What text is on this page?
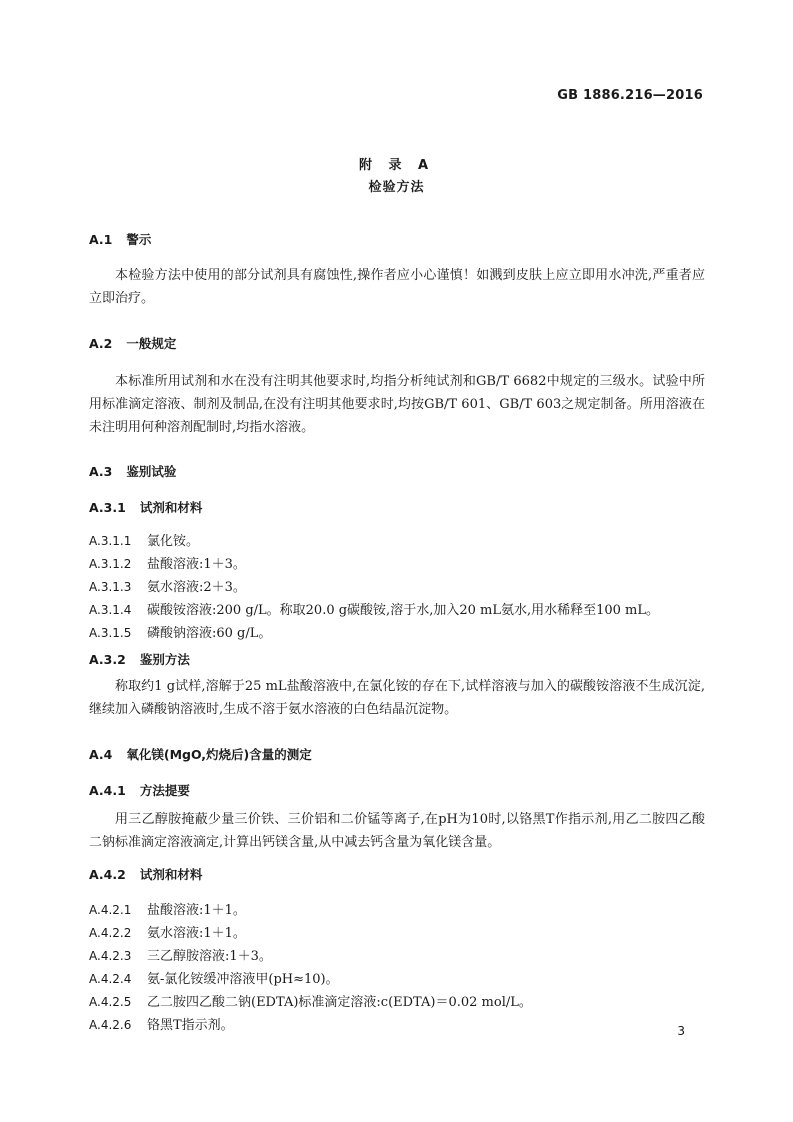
GB 1886.216—2016
附 录 A
检验方法
A.1 警示
本检验方法中使用的部分试剂具有腐蚀性,操作者应小心谨慎！如溅到皮肤上应立即用水冲洗,严重者应立即治疗。
A.2 一般规定
本标准所用试剂和水在没有注明其他要求时,均指分析纯试剂和GB/T 6682中规定的三级水。试验中所用标准滴定溶液、制剂及制品,在没有注明其他要求时,均按GB/T 601、GB/T 603之规定制备。所用溶液在未注明用何种溶剂配制时,均指水溶液。
A.3 鉴别试验
A.3.1 试剂和材料
A.3.1.1 氯化铵。
A.3.1.2 盐酸溶液:1＋3。
A.3.1.3 氨水溶液:2＋3。
A.3.1.4 碳酸铵溶液:200 g/L。称取20.0 g碳酸铵,溶于水,加入20 mL氨水,用水稀释至100 mL。
A.3.1.5 磷酸钠溶液:60 g/L。
A.3.2 鉴别方法
称取约1 g试样,溶解于25 mL盐酸溶液中,在氯化铵的存在下,试样溶液与加入的碳酸铵溶液不生成沉淀,继续加入磷酸钠溶液时,生成不溶于氨水溶液的白色结晶沉淀物。
A.4 氧化镁(MgO,灼烧后)含量的测定
A.4.1 方法提要
用三乙醇胺掩蔽少量三价铁、三价铝和二价锰等离子,在pH为10时,以铬黑T作指示剂,用乙二胺四乙酸二钠标准滴定溶液滴定,计算出钙镁含量,从中减去钙含量为氧化镁含量。
A.4.2 试剂和材料
A.4.2.1 盐酸溶液:1＋1。
A.4.2.2 氨水溶液:1＋1。
A.4.2.3 三乙醇胺溶液:1＋3。
A.4.2.4 氨-氯化铵缓冲溶液甲(pH≈10)。
A.4.2.5 乙二胺四乙酸二钠(EDTA)标准滴定溶液:c(EDTA)＝0.02 mol/L。
A.4.2.6 铬黑T指示剂。	3
